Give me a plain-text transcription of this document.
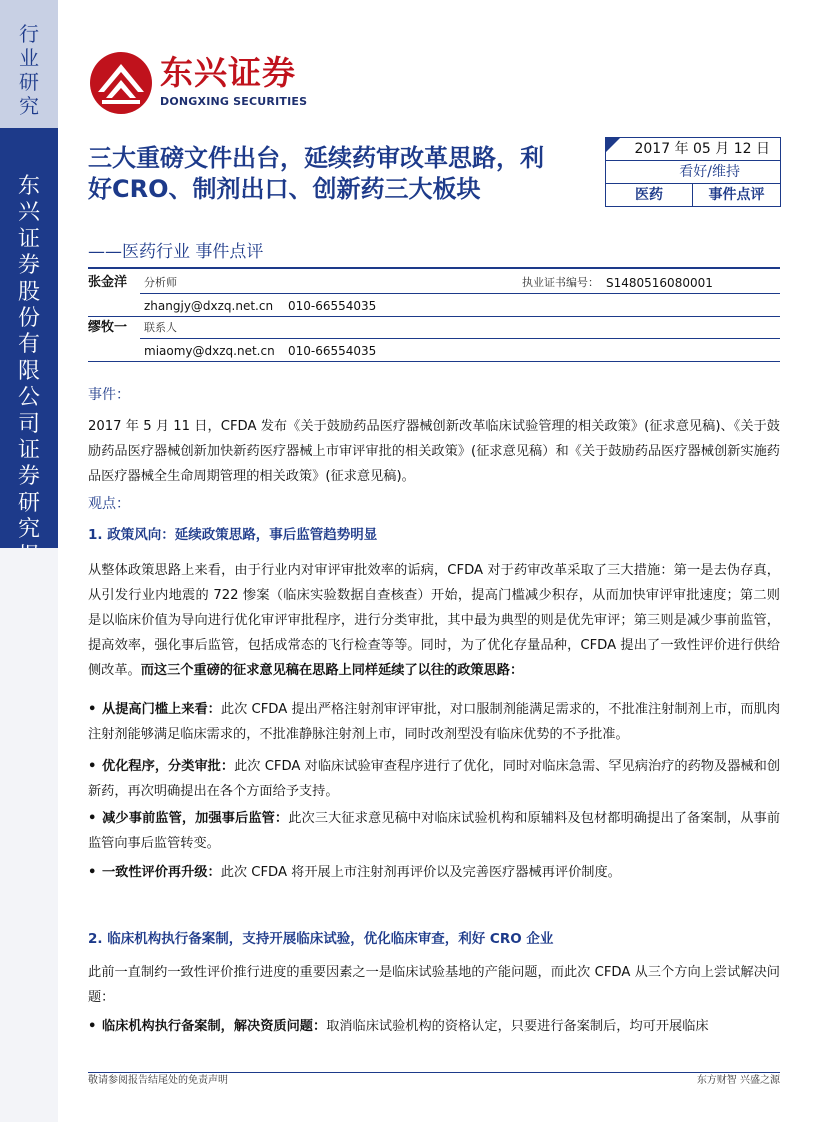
行业研究
东兴证券股份有限公司证券研究
东兴证券
DONGXING SECURITIES
三大重磅文件出台，延续药审改革思路，利好CRO、制剂出口、创新药三大板块
——医药行业 事件点评
2017 年 05 月 12 日
看好/维持
医药	事件点评
张金洋	分析师	执业证书编号： S1480516080001
zhangjy@dxzq.net.cn 010-66554035
缪牧一	联系人
miaomy@dxzq.net.cn 010-66554035
事件：
2017 年 5 月 11 日，CFDA 发布《关于鼓励药品医疗器械创新改革临床试验管理的相关政策》(征求意见稿)、《关于鼓励药品医疗器械创新加快新药医疗器械上市审评审批的相关政策》(征求意见稿）和《关于鼓励药品医疗器械创新实施药品医疗器械全生命周期管理的相关政策》(征求意见稿)。
观点：
1. 政策风向：延续政策思路，事后监管趋势明显
从整体政策思路上来看，由于行业内对审评审批效率的诟病，CFDA 对于药审改革采取了三大措施：第一是去伪存真，从引发行业内地震的 722 惨案（临床实验数据自查核查）开始，提高门槛减少积存，从而加快审评审批速度；第二则是以临床价值为导向进行优化审评审批程序，进行分类审批，其中最为典型的则是优先审评；第三则是减少事前监管，提高效率，强化事后监管，包括成常态的飞行检查等等。同时，为了优化存量品种，CFDA 提出了一致性评价进行供给侧改革。而这三个重磅的征求意见稿在思路上同样延续了以往的政策思路：
• 从提高门槛上来看：此次 CFDA 提出严格注射剂审评审批，对口服制剂能满足需求的，不批准注射制剂上市，而肌肉注射剂能够满足临床需求的，不批准静脉注射剂上市，同时改剂型没有临床优势的不予批准。
• 优化程序，分类审批：此次 CFDA 对临床试验审查程序进行了优化，同时对临床急需、罕见病治疗的药物及器械和创新药，再次明确提出在各个方面给予支持。
• 减少事前监管，加强事后监管：此次三大征求意见稿中对临床试验机构和原辅料及包材都明确提出了备案制，从事前监管向事后监管转变。
• 一致性评价再升级：此次 CFDA 将开展上市注射剂再评价以及完善医疗器械再评价制度。
2. 临床机构执行备案制，支持开展临床试验，优化临床审查，利好 CRO 企业
此前一直制约一致性评价推行进度的重要因素之一是临床试验基地的产能问题，而此次 CFDA 从三个方向上尝试解决问题：
• 临床机构执行备案制，解决资质问题：取消临床试验机构的资格认定，只要进行备案制后，均可开展临床
敬请参阅报告结尾处的免责声明	东方财智 兴盛之源
